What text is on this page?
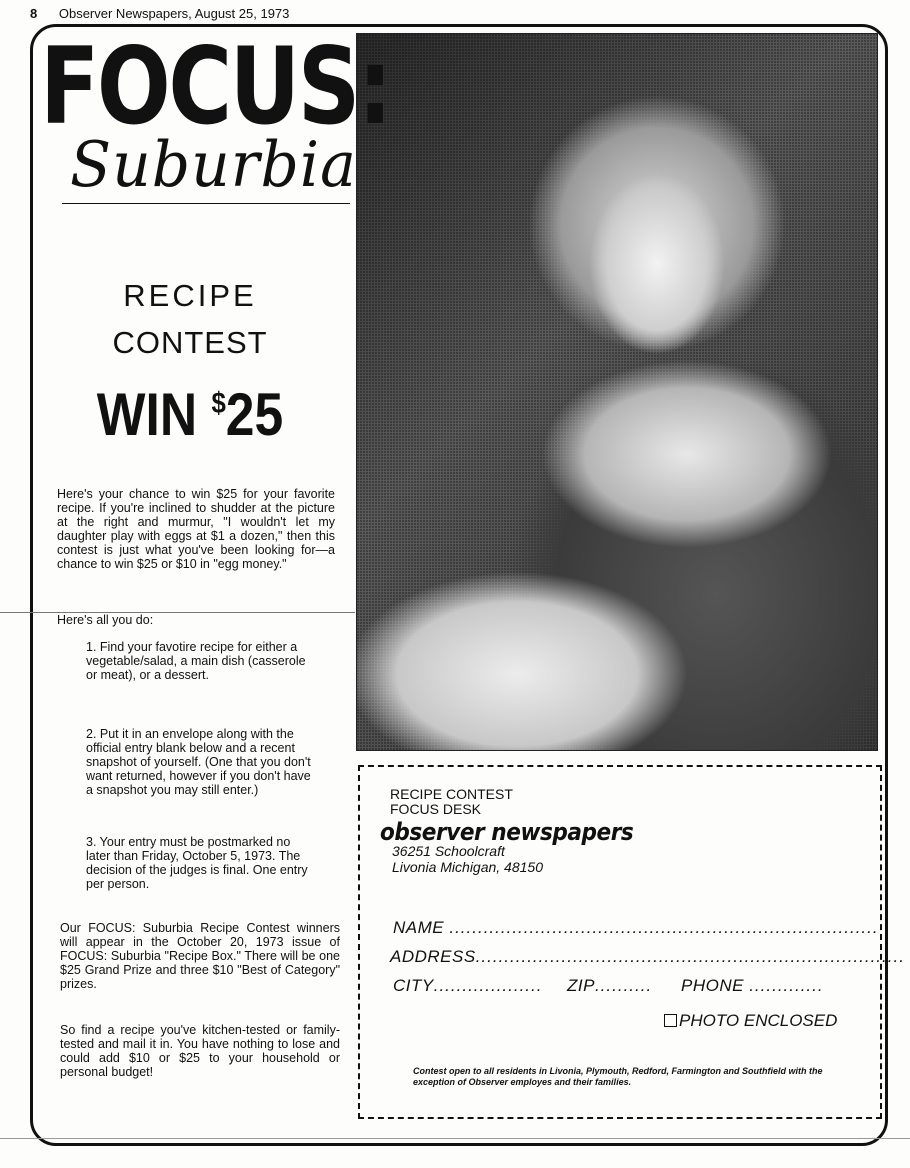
8 Observer Newspapers, August 25, 1973
FOCUS:
Suburbia
RECIPE
CONTEST
WIN $25
Here's your chance to win $25 for your favorite recipe. If you're inclined to shudder at the picture at the right and murmur, "I wouldn't let my daughter play with eggs at $1 a dozen," then this contest is just what you've been looking for—a chance to win $25 or $10 in "egg money."
Here's all you do:
1. Find your favotire recipe for either a vegetable/salad, a main dish (casserole or meat), or a dessert.
2. Put it in an envelope along with the official entry blank below and a recent snapshot of yourself. (One that you don't want returned, however if you don't have a snapshot you may still enter.)
3. Your entry must be postmarked no later than Friday, October 5, 1973. The decision of the judges is final. One entry per person.
Our FOCUS: Suburbia Recipe Contest winners will appear in the October 20, 1973 issue of FOCUS: Suburbia "Recipe Box." There will be one $25 Grand Prize and three $10 "Best of Category" prizes.
So find a recipe you've kitchen-tested or family-tested and mail it in. You have nothing to lose and could add $10 or $25 to your household or personal budget!
RECIPE CONTEST
FOCUS DESK
observer newspapers
36251 Schoolcraft
Livonia Michigan, 48150
NAME ...........................................................................
ADDRESS...........................................................................
CITY................... ZIP.......... PHONE .............
PHOTO ENCLOSED
Contest open to all residents in Livonia, Plymouth, Redford, Farmington and Southfield with the exception of Observer employes and their families.
